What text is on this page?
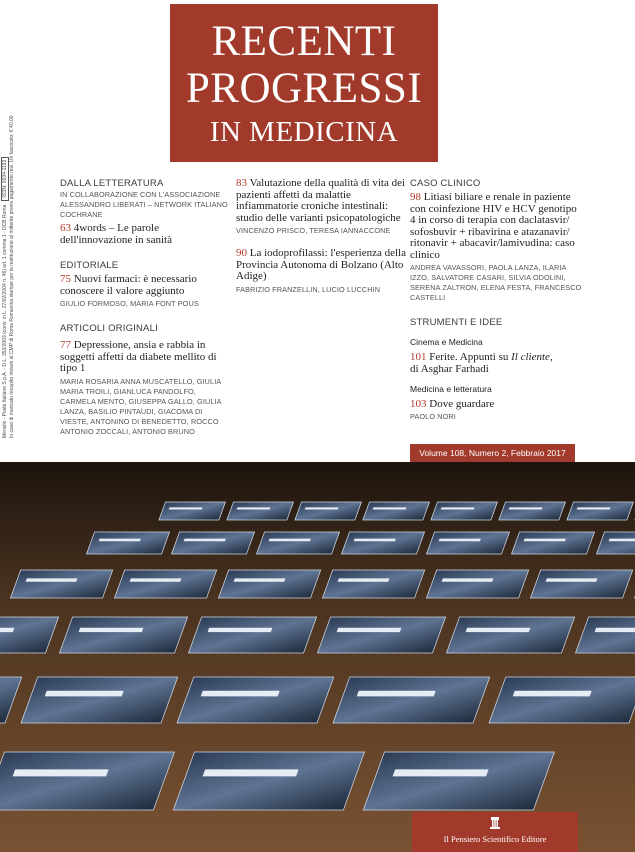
RECENTI
PROGRESSI
IN MEDICINA
Mensile - Poste Italiane S.p.A. - D.L. 353/2003 (conv. in L. 27/02/2004 n. 46) art. 1 comma 1 - DCB RomaISSN: 0034-1193 In caso di mancato recapito inviare al CMP di Roma Romanina stampe per la restituzione al mittente previo pagamento resi. Un fascicolo: € 40,00	DALLA LETTERATURA
IN COLLABORAZIONE CON L'ASSOCIAZIONE ALESSANDRO LIBERATI – NETWORK ITALIANO COCHRANE
63 4words – Le parole dell'innovazione in sanità
EDITORIALE
75 Nuovi farmaci: è necessario conoscere il valore aggiunto
GIULIO FORMOSO, MARIA FONT POUS
ARTICOLI ORIGINALI
77 Depressione, ansia e rabbia in soggetti affetti da diabete mellito di tipo 1
MARIA ROSARIA ANNA MUSCATELLO, GIULIA MARIA TROILI, GIANLUCA PANDOLFO, CARMELA MENTO, GIUSEPPA GALLO, GIULIA LANZA, BASILIO PINTAUDI, GIACOMA DI VIESTE, ANTONINO DI BENEDETTO, ROCCO ANTONIO ZOCCALI, ANTONIO BRUNO
83 Valutazione della qualità di vita dei pazienti affetti da malattie infiammatorie croniche intestinali: studio delle varianti psicopatologiche
VINCENZO PRISCO, TERESA IANNACCONE
90 La iodoprofilassi: l'esperienza della Provincia Autonoma di Bolzano (Alto Adige)
FABRIZIO FRANZELLIN, LUCIO LUCCHIN
CASO CLINICO
98 Litiasi biliare e renale in paziente con coinfezione HIV e HCV genotipo 4 in corso di terapia con daclatasvir/ sofosbuvir + ribavirina e atazanavir/ ritonavir + abacavir/lamivudina: caso clinico
ANDREA VAVASSORI, PAOLA LANZA, ILARIA IZZO, SALVATORE CASARI, SILVIA ODOLINI, SERENA ZALTRON, ELENA FESTA, FRANCESCO CASTELLI
STRUMENTI E IDEE
Cinema e Medicina
101 Ferite. Appunti su Il cliente,
di Asghar Farhadi
Medicina e letteratura
103 Dove guardare
PAOLO NORI
Volume 108, Numero 2, Febbraio 2017
Il Pensiero Scientifico Editore
